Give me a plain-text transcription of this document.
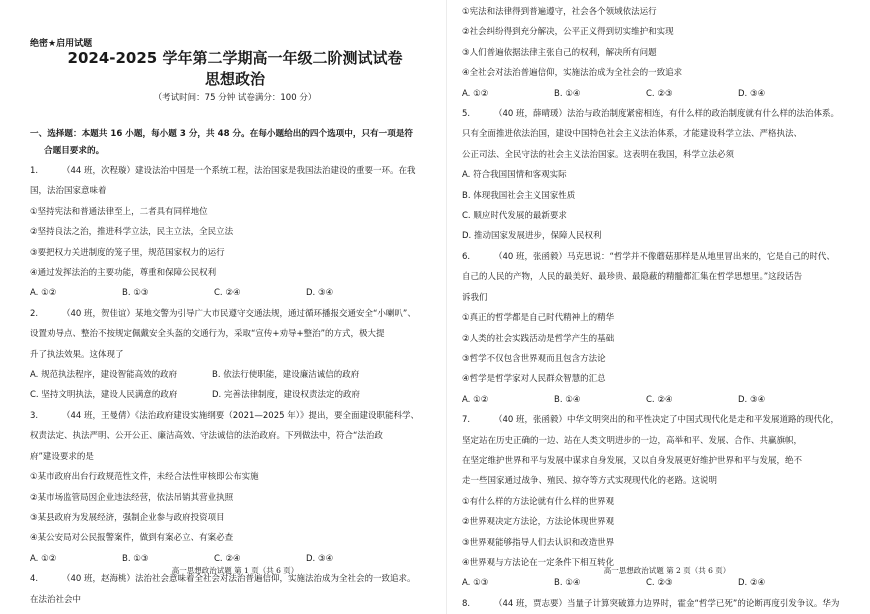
绝密★启用试题
2024-2025 学年第二学期高一年级二阶测试试卷
思想政治
（考试时间：75 分钟 试卷满分：100 分）
一、选择题：本题共 16 小题，每小题 3 分，共 48 分。在每小题给出的四个选项中，只有一项是符
合题目要求的。
1.	（44 班，次程璇）建设法治中国是一个系统工程，法治国家是我国法治建设的重要一环。在我
国，法治国家意味着
①坚持宪法和普通法律至上，二者具有同样地位
②坚持良法之治，推进科学立法，民主立法，全民立法
③要把权力关进制度的笼子里，规范国家权力的运行
④通过发挥法治的主要功能，尊重和保障公民权利
A. ①②	B. ①③	C. ②④	D. ③④
2.	（40 班，贺佳谊）某地交警为引导广大市民遵守交通法规，通过循环播报交通安全“小喇叭”、
设置劝导点、整治不按规定佩戴安全头盔的交通行为，采取“宣传+劝导+整治”的方式，极大提
升了执法效果。这体现了
A. 规范执法程序，建设智能高效的政府	B. 依法行使职能，建设廉洁诚信的政府
C. 坚持文明执法，建设人民满意的政府	D. 完善法律制度，建设权责法定的政府
3.	（44 班，王曼倩）《法治政府建设实施纲要（2021—2025 年）》提出，要全面建设职能科学、
权责法定、执法严明、公开公正、廉洁高效、守法诚信的法治政府。下列做法中，符合“法治政
府”建设要求的是
①某市政府出台行政规范性文件，未经合法性审核即公布实施
②某市场监管局因企业违法经营，依法吊销其营业执照
③某县政府为发展经济，强制企业参与政府投资项目
④某公安局对公民报警案件，做到有案必立、有案必查
A. ①②	B. ①③	C. ②④	D. ③④
4.	（40 班，赵海桃）法治社会意味着全社会对法治普遍信仰，实施法治成为全社会的一致追求。
在法治社会中
高一思想政治试题 第 1 页（共 6 页）
①宪法和法律得到普遍遵守，社会各个领域依法运行
②社会纠纷得到充分解决，公平正义得到切实维护和实现
③人们普遍依据法律主张自己的权利，解决所有问题
④全社会对法治普遍信仰，实施法治成为全社会的一致追求
A. ①②	B. ①④	C. ②③	D. ③④
5.	（40 班，薛晴瑗）法治与政治制度紧密相连，有什么样的政治制度就有什么样的法治体系。
只有全面推进依法治国，建设中国特色社会主义法治体系，才能建设科学立法、严格执法、
公正司法、全民守法的社会主义法治国家。这表明在我国，科学立法必须
A. 符合我国国情和客观实际
B. 体现我国社会主义国家性质
C. 顺应时代发展的最新要求
D. 推动国家发展进步，保障人民权利
6.	（40 班，张函毅）马克思说：“哲学并不像蘑菇那样是从地里冒出来的，它是自己的时代、
自己的人民的产物，人民的最美好、最珍贵、最隐蔽的精髓都汇集在哲学思想里。”这段话告
诉我们
①真正的哲学都是自己时代精神上的精华
②人类的社会实践活动是哲学产生的基础
③哲学不仅包含世界观而且包含方法论
④哲学是哲学家对人民群众智慧的汇总
A. ①②	B. ①④	C. ②④	D. ③④
7.	（40 班，张函毅）中华文明突出的和平性决定了中国式现代化是走和平发展道路的现代化，
坚定站在历史正确的一边、站在人类文明进步的一边，高举和平、发展、合作、共赢旗帜，
在坚定维护世界和平与发展中谋求自身发展，又以自身发展更好维护世界和平与发展，绝不
走一些国家通过战争、殖民、掠夺等方式实现现代化的老路。这说明
①有什么样的方法论就有什么样的世界观
②世界观决定方法论，方法论体现世界观
③世界观能够指导人们去认识和改造世界
④世界观与方法论在一定条件下相互转化
A. ①③	B. ①④	C. ②③	D. ②④
8.	（44 班，贾志要）当量子计算突破算力边界时，霍金“哲学已死”的论断再度引发争议。华为
高一思想政治试题 第 2 页（共 6 页）
